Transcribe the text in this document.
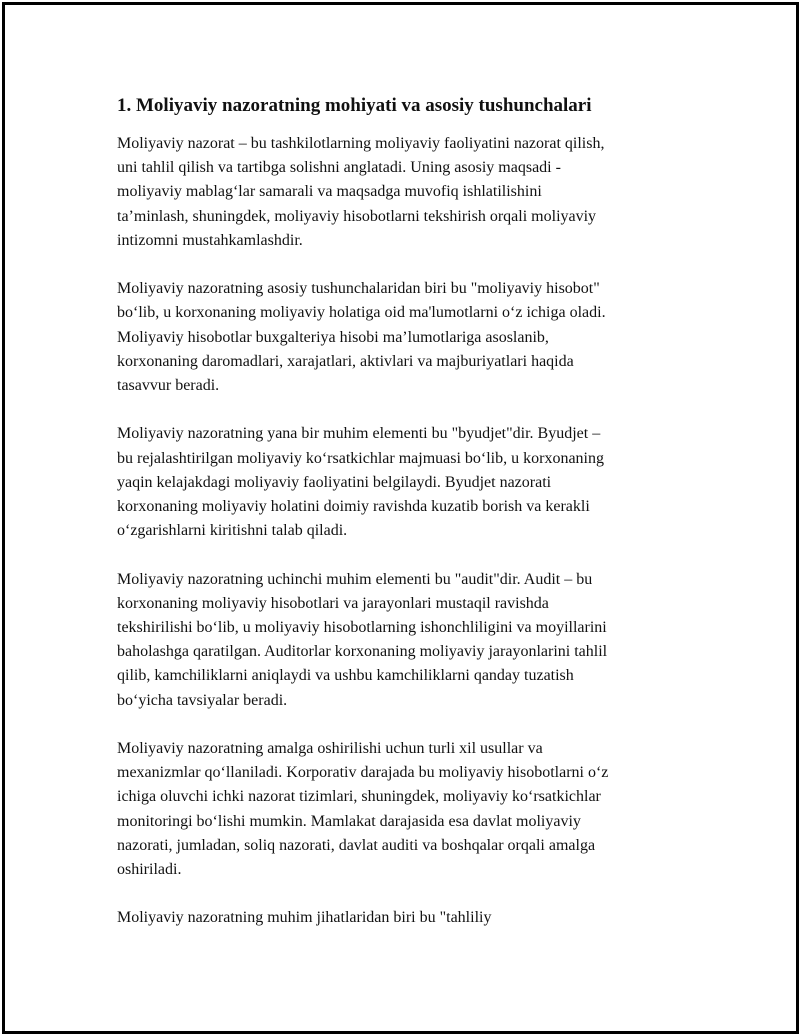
1. Moliyaviy nazoratning mohiyati va asosiy tushunchalari

Moliyaviy nazorat – bu tashkilotlarning moliyaviy faoliyatini nazorat qilish,
uni tahlil qilish va tartibga solishni anglatadi. Uning asosiy maqsadi -
moliyaviy mablag‘lar samarali va maqsadga muvofiq ishlatilishini
ta’minlash, shuningdek, moliyaviy hisobotlarni tekshirish orqali moliyaviy
intizomni mustahkamlashdir.

Moliyaviy nazoratning asosiy tushunchalaridan biri bu "moliyaviy hisobot"
bo‘lib, u korxonaning moliyaviy holatiga oid ma'lumotlarni o‘z ichiga oladi.
Moliyaviy hisobotlar buxgalteriya hisobi ma’lumotlariga asoslanib,
korxonaning daromadlari, xarajatlari, aktivlari va majburiyatlari haqida
tasavvur beradi.

Moliyaviy nazoratning yana bir muhim elementi bu "byudjet"dir. Byudjet –
bu rejalashtirilgan moliyaviy ko‘rsatkichlar majmuasi bo‘lib, u korxonaning
yaqin kelajakdagi moliyaviy faoliyatini belgilaydi. Byudjet nazorati
korxonaning moliyaviy holatini doimiy ravishda kuzatib borish va kerakli
o‘zgarishlarni kiritishni talab qiladi.

Moliyaviy nazoratning uchinchi muhim elementi bu "audit"dir. Audit – bu
korxonaning moliyaviy hisobotlari va jarayonlari mustaqil ravishda
tekshirilishi bo‘lib, u moliyaviy hisobotlarning ishonchliligini va moyillarini
baholashga qaratilgan. Auditorlar korxonaning moliyaviy jarayonlarini tahlil
qilib, kamchiliklarni aniqlaydi va ushbu kamchiliklarni qanday tuzatish
bo‘yicha tavsiyalar beradi.

Moliyaviy nazoratning amalga oshirilishi uchun turli xil usullar va
mexanizmlar qo‘llaniladi. Korporativ darajada bu moliyaviy hisobotlarni o‘z
ichiga oluvchi ichki nazorat tizimlari, shuningdek, moliyaviy ko‘rsatkichlar
monitoringi bo‘lishi mumkin. Mamlakat darajasida esa davlat moliyaviy
nazorati, jumladan, soliq nazorati, davlat auditi va boshqalar orqali amalga
oshiriladi.

Moliyaviy nazoratning muhim jihatlaridan biri bu "tahliliy
